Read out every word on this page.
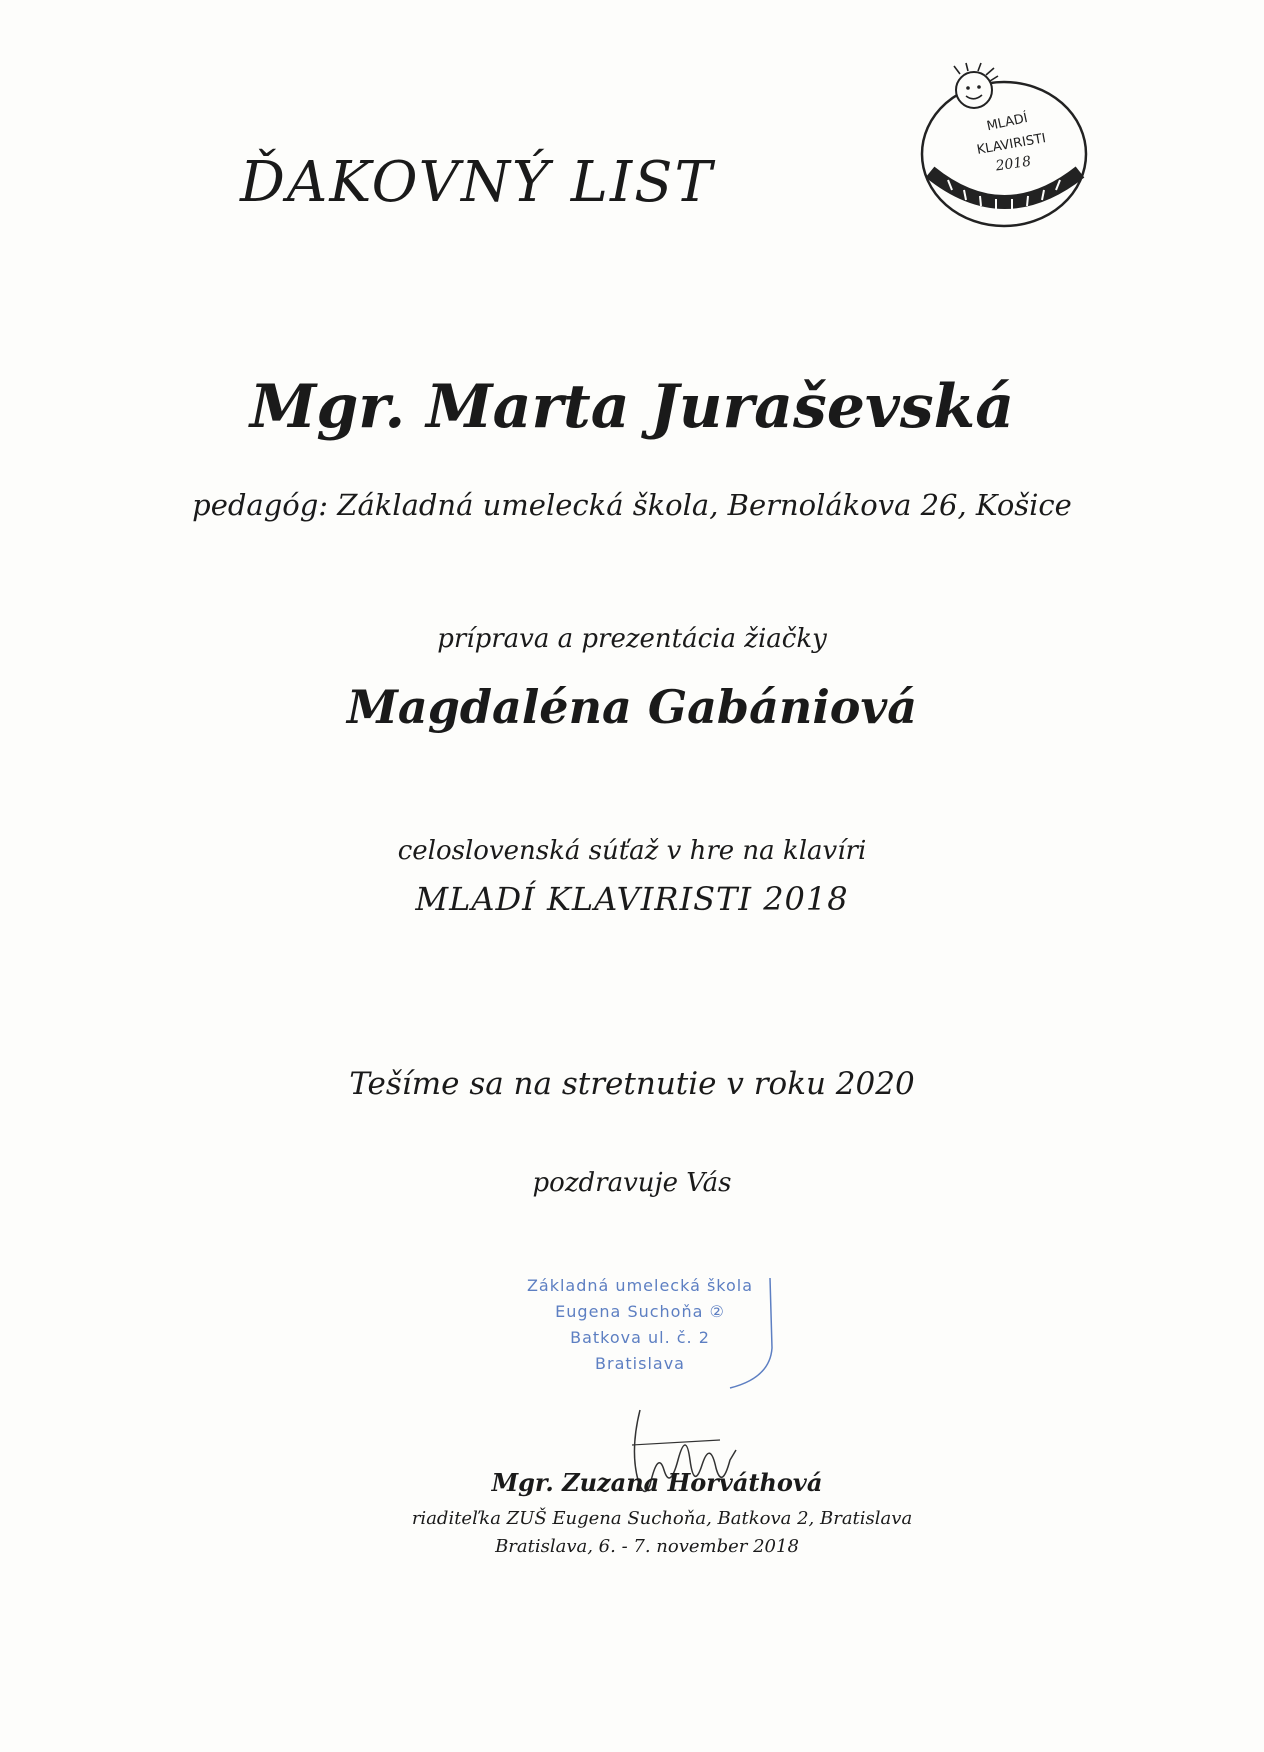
ĎAKOVNÝ LIST
MLADÍ
KLAVIRISTI
2018
Mgr. Marta Juraševská
pedagóg: Základná umelecká škola, Bernolákova 26, Košice
príprava a prezentácia žiačky
Magdaléna Gabániová
celoslovenská súťaž v hre na klavíri
MLADÍ KLAVIRISTI 2018
Tešíme sa na stretnutie v roku 2020
pozdravuje Vás
Základná umelecká škola
Eugena Suchoňa ②
Batkova ul. č. 2
Bratislava
Mgr. Zuzana Horváthová
riaditeľka ZUŠ Eugena Suchoňa, Batkova 2, Bratislava
Bratislava, 6. - 7. november 2018
